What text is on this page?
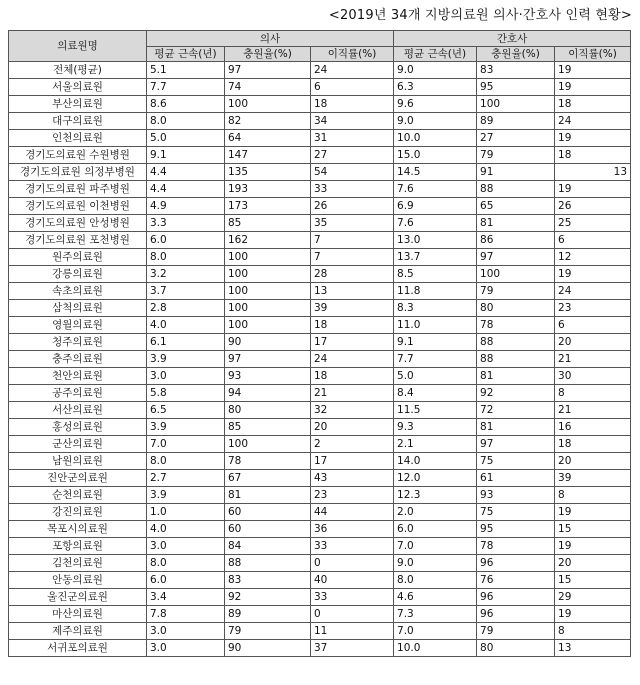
<2019년 34개 지방의료원 의사·간호사 인력 현황>
의료원명	의사			간호사		
	평균 근속(년)	충원율(%)	이직률(%)	평균 근속(년)	충원율(%)	이직률(%)
전체(평균)	5.1	97	24	9.0	83	19
서울의료원	7.7	74	6	6.3	95	19
부산의료원	8.6	100	18	9.6	100	18
대구의료원	8.0	82	34	9.0	89	24
인천의료원	5.0	64	31	10.0	27	19
경기도의료원 수원병원	9.1	147	27	15.0	79	18
경기도의료원 의정부병원	4.4	135	54	14.5	91	13
경기도의료원 파주병원	4.4	193	33	7.6	88	19
경기도의료원 이천병원	4.9	173	26	6.9	65	26
경기도의료원 안성병원	3.3	85	35	7.6	81	25
경기도의료원 포천병원	6.0	162	7	13.0	86	6
원주의료원	8.0	100	7	13.7	97	12
강릉의료원	3.2	100	28	8.5	100	19
속초의료원	3.7	100	13	11.8	79	24
삼척의료원	2.8	100	39	8.3	80	23
영월의료원	4.0	100	18	11.0	78	6
청주의료원	6.1	90	17	9.1	88	20
충주의료원	3.9	97	24	7.7	88	21
천안의료원	3.0	93	18	5.0	81	30
공주의료원	5.8	94	21	8.4	92	8
서산의료원	6.5	80	32	11.5	72	21
홍성의료원	3.9	85	20	9.3	81	16
군산의료원	7.0	100	2	2.1	97	18
남원의료원	8.0	78	17	14.0	75	20
진안군의료원	2.7	67	43	12.0	61	39
순천의료원	3.9	81	23	12.3	93	8
강진의료원	1.0	60	44	2.0	75	19
목포시의료원	4.0	60	36	6.0	95	15
포항의료원	3.0	84	33	7.0	78	19
김천의료원	8.0	88	0	9.0	96	20
안동의료원	6.0	83	40	8.0	76	15
울진군의료원	3.4	92	33	4.6	96	29
마산의료원	7.8	89	0	7.3	96	19
제주의료원	3.0	79	11	7.0	79	8
서귀포의료원	3.0	90	37	10.0	80	13
